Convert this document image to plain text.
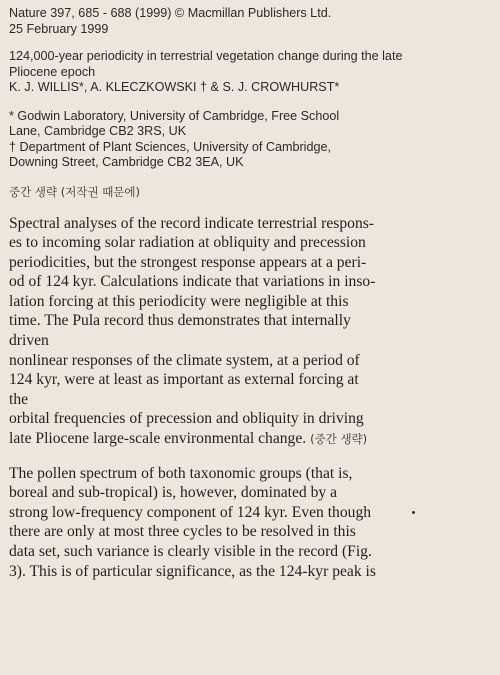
Nature 397, 685 - 688 (1999) © Macmillan Publishers Ltd.
25 February 1999
124,000-year periodicity in terrestrial vegetation change during the late
Pliocene epoch
K. J. WILLIS*, A. KLECZKOWSKI † & S. J. CROWHURST*
* Godwin Laboratory, University of Cambridge, Free School
Lane, Cambridge CB2 3RS, UK
† Department of Plant Sciences, University of Cambridge,
Downing Street, Cambridge CB2 3EA, UK
중간 생략 (저작권 때문에)
Spectral analyses of the record indicate terrestrial respons-
es to incoming solar radiation at obliquity and precession
periodicities, but the strongest response appears at a peri-
od of 124 kyr. Calculations indicate that variations in inso-
lation forcing at this periodicity were negligible at this
time. The Pula record thus demonstrates that internally
driven
nonlinear responses of the climate system, at a period of
124 kyr, were at least as important as external forcing at
the
orbital frequencies of precession and obliquity in driving
late Pliocene large-scale environmental change. (중간 생략)
The pollen spectrum of both taxonomic groups (that is,
boreal and sub-tropical) is, however, dominated by a
strong low-frequency component of 124 kyr. Even though
there are only at most three cycles to be resolved in this
data set, such variance is clearly visible in the record (Fig.
3). This is of particular significance, as the 124-kyr peak is
